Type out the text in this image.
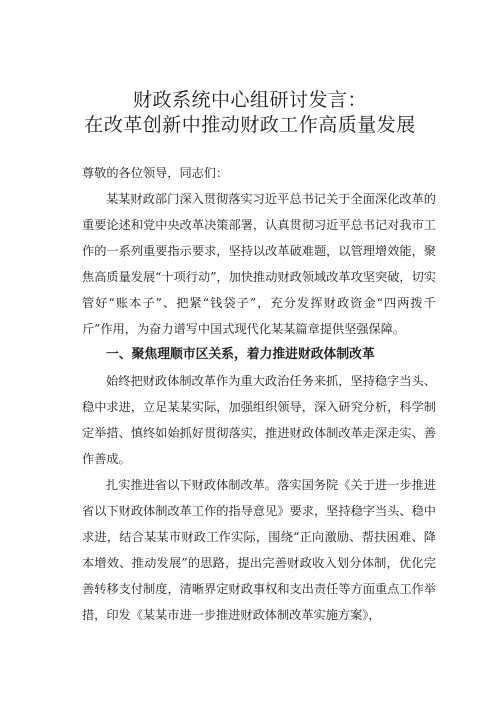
财政系统中心组研讨发言：
在改革创新中推动财政工作高质量发展

尊敬的各位领导，同志们：

某某财政部门深入贯彻落实习近平总书记关于全面深化改革的重要论述和党中央改革决策部署，认真贯彻习近平总书记对我市工作的一系列重要指示要求，坚持以改革破难题，以管理增效能，聚焦高质量发展“十项行动”，加快推动财政领域改革攻坚突破，切实管好“账本子”、把紧“钱袋子”，充分发挥财政资金“四两拨千斤”作用，为奋力谱写中国式现代化某某篇章提供坚强保障。

一、聚焦理顺市区关系，着力推进财政体制改革

始终把财政体制改革作为重大政治任务来抓，坚持稳字当头、稳中求进，立足某某实际，加强组织领导，深入研究分析，科学制定举措、慎终如始抓好贯彻落实，推进财政体制改革走深走实、善作善成。

扎实推进省以下财政体制改革。落实国务院《关于进一步推进省以下财政体制改革工作的指导意见》要求，坚持稳字当头、稳中求进，结合某某市财政工作实际，围绕“正向激励、帮扶困难、降本增效、推动发展”的思路，提出完善财政收入划分体制，优化完善转移支付制度，清晰界定财政事权和支出责任等方面重点工作举措，印发《某某市进一步推进财政体制改革实施方案》，
